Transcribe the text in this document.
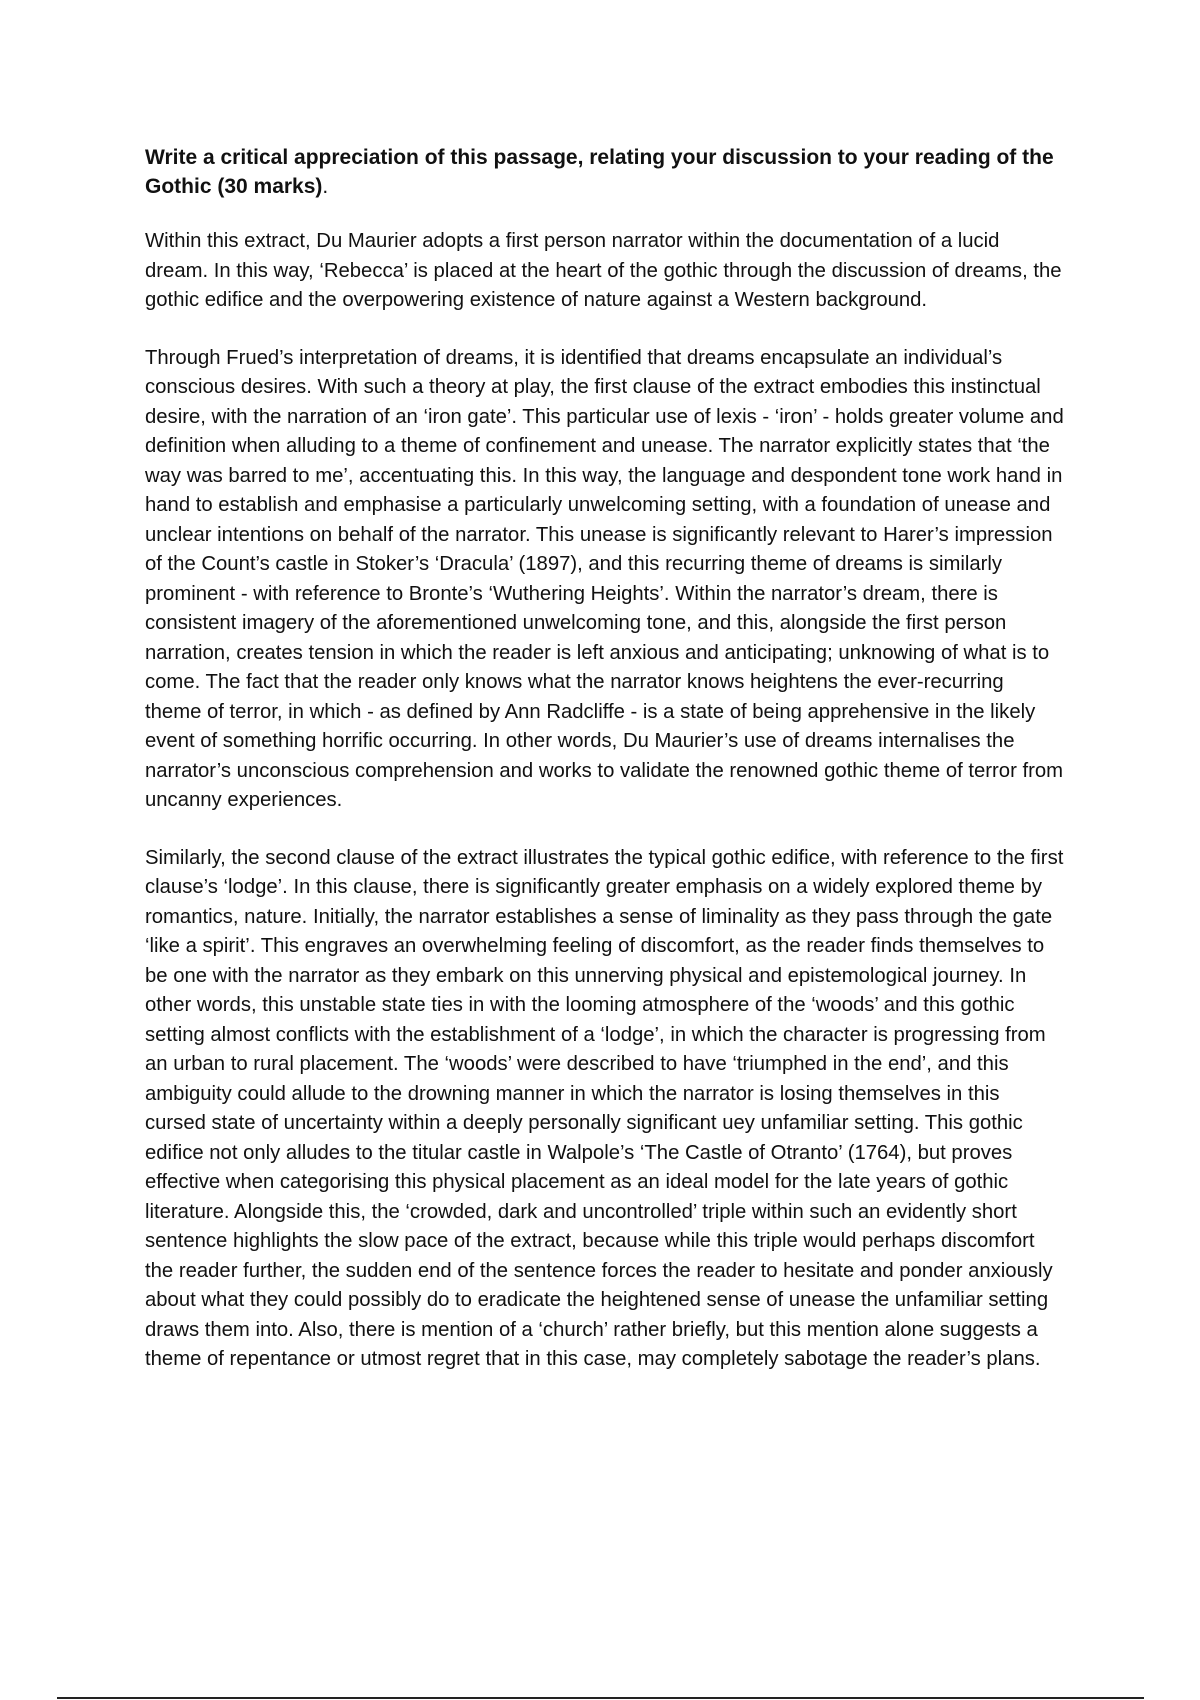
Write a critical appreciation of this passage, relating your discussion to your reading of the Gothic (30 marks).

Within this extract, Du Maurier adopts a first person narrator within the documentation of a lucid dream. In this way, ‘Rebecca’ is placed at the heart of the gothic through the discussion of dreams, the gothic edifice and the overpowering existence of nature against a Western background.

Through Frued’s interpretation of dreams, it is identified that dreams encapsulate an individual’s conscious desires. With such a theory at play, the first clause of the extract embodies this instinctual desire, with the narration of an ‘iron gate’. This particular use of lexis - ‘iron’ - holds greater volume and definition when alluding to a theme of confinement and unease. The narrator explicitly states that ‘the way was barred to me’, accentuating this. In this way, the language and despondent tone work hand in hand to establish and emphasise a particularly unwelcoming setting, with a foundation of unease and unclear intentions on behalf of the narrator. This unease is significantly relevant to Harer’s impression of the Count’s castle in Stoker’s ‘Dracula’ (1897), and this recurring theme of dreams is similarly prominent - with reference to Bronte’s ‘Wuthering Heights’. Within the narrator’s dream, there is consistent imagery of the aforementioned unwelcoming tone, and this, alongside the first person narration, creates tension in which the reader is left anxious and anticipating; unknowing of what is to come. The fact that the reader only knows what the narrator knows heightens the ever-recurring theme of terror, in which - as defined by Ann Radcliffe - is a state of being apprehensive in the likely event of something horrific occurring. In other words, Du Maurier’s use of dreams internalises the narrator’s unconscious comprehension and works to validate the renowned gothic theme of terror from uncanny experiences.

Similarly, the second clause of the extract illustrates the typical gothic edifice, with reference to the first clause’s ‘lodge’. In this clause, there is significantly greater emphasis on a widely explored theme by romantics, nature. Initially, the narrator establishes a sense of liminality as they pass through the gate ‘like a spirit’. This engraves an overwhelming feeling of discomfort, as the reader finds themselves to be one with the narrator as they embark on this unnerving physical and epistemological journey. In other words, this unstable state ties in with the looming atmosphere of the ‘woods’ and this gothic setting almost conflicts with the establishment of a ‘lodge’, in which the character is progressing from an urban to rural placement. The ‘woods’ were described to have ‘triumphed in the end’, and this ambiguity could allude to the drowning manner in which the narrator is losing themselves in this cursed state of uncertainty within a deeply personally significant uey unfamiliar setting. This gothic edifice not only alludes to the titular castle in Walpole’s ‘The Castle of Otranto’ (1764), but proves effective when categorising this physical placement as an ideal model for the late years of gothic literature. Alongside this, the ‘crowded, dark and uncontrolled’ triple within such an evidently short sentence highlights the slow pace of the extract, because while this triple would perhaps discomfort the reader further, the sudden end of the sentence forces the reader to hesitate and ponder anxiously about what they could possibly do to eradicate the heightened sense of unease the unfamiliar setting draws them into. Also, there is mention of a ‘church’ rather briefly, but this mention alone suggests a theme of repentance or utmost regret that in this case, may completely sabotage the reader’s plans.
